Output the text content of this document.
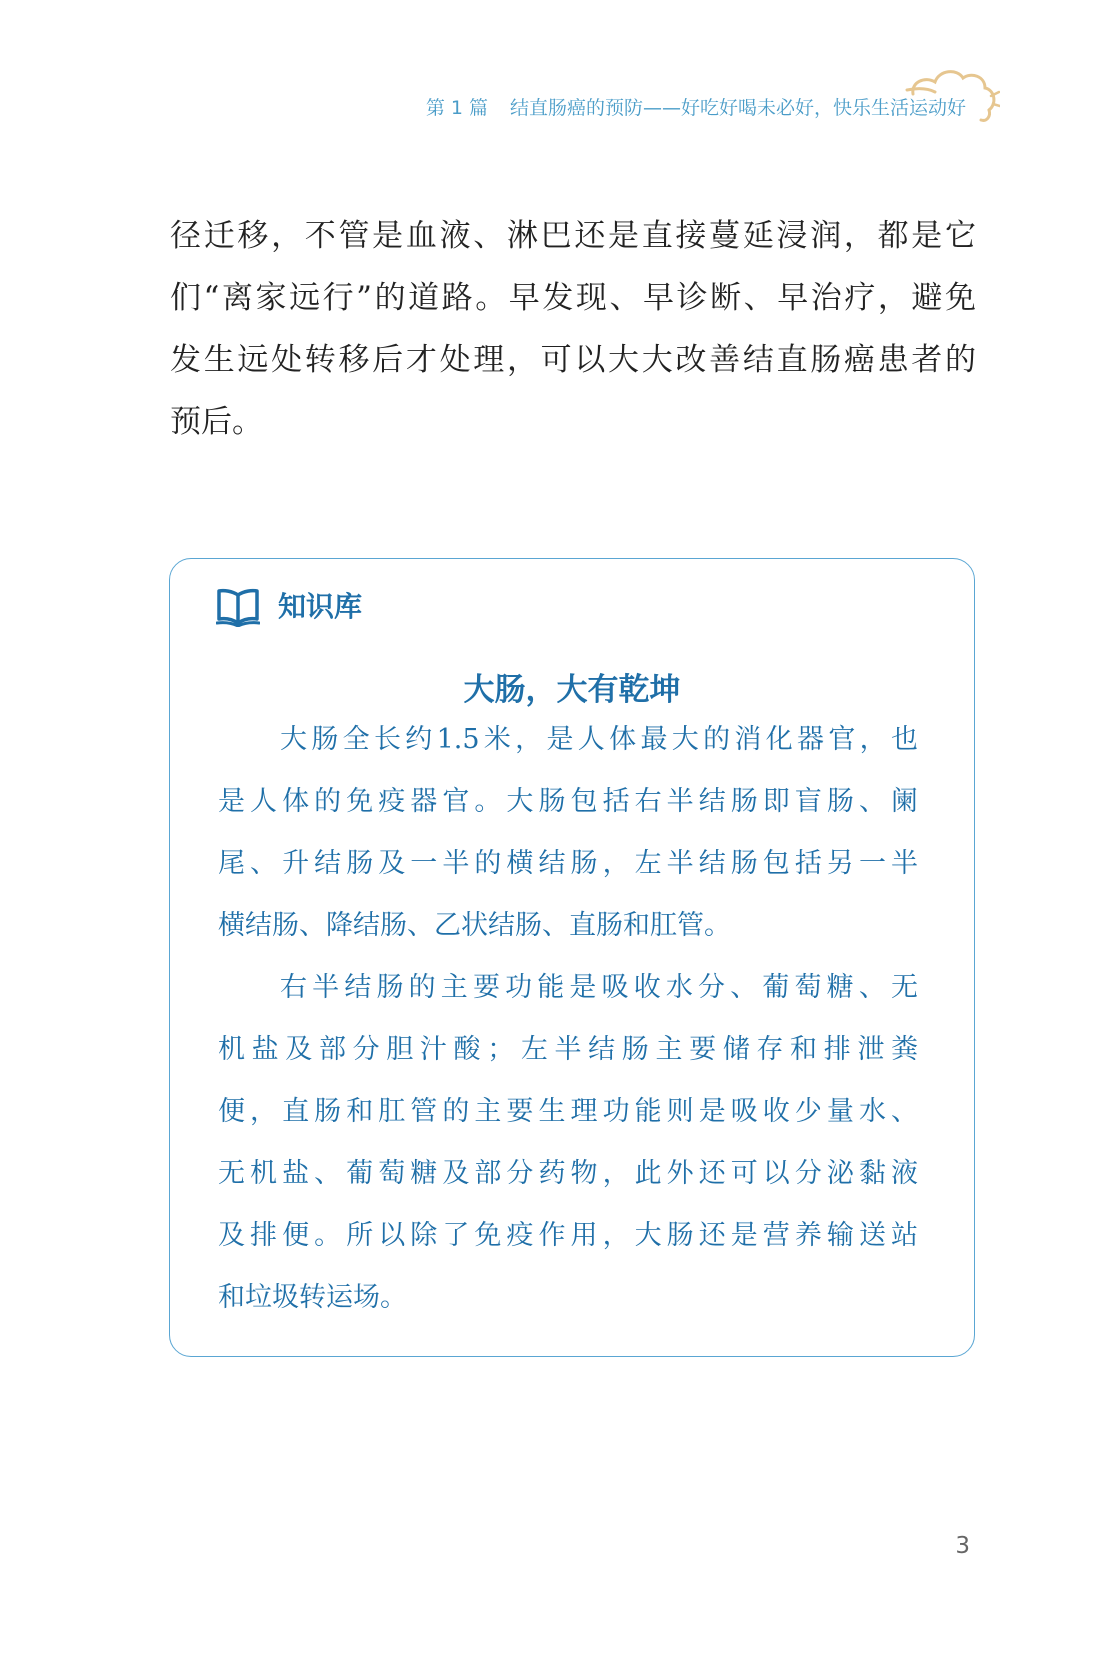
第 1 篇 结直肠癌的预防——好吃好喝未必好，快乐生活运动好
径迁移，不管是血液、淋巴还是直接蔓延浸润，都是它
们“离家远行”的道路。早发现、早诊断、早治疗，避免
发生远处转移后才处理，可以大大改善结直肠癌患者的
预后。
知识库
大肠，大有乾坤
大肠全长约1.5米，是人体最大的消化器官，也
是人体的免疫器官。大肠包括右半结肠即盲肠、阑
尾、升结肠及一半的横结肠，左半结肠包括另一半
横结肠、降结肠、乙状结肠、直肠和肛管。
右半结肠的主要功能是吸收水分、葡萄糖、无
机盐及部分胆汁酸；左半结肠主要储存和排泄粪
便，直肠和肛管的主要生理功能则是吸收少量水、
无机盐、葡萄糖及部分药物，此外还可以分泌黏液
及排便。所以除了免疫作用，大肠还是营养输送站
和垃圾转运场。
3
